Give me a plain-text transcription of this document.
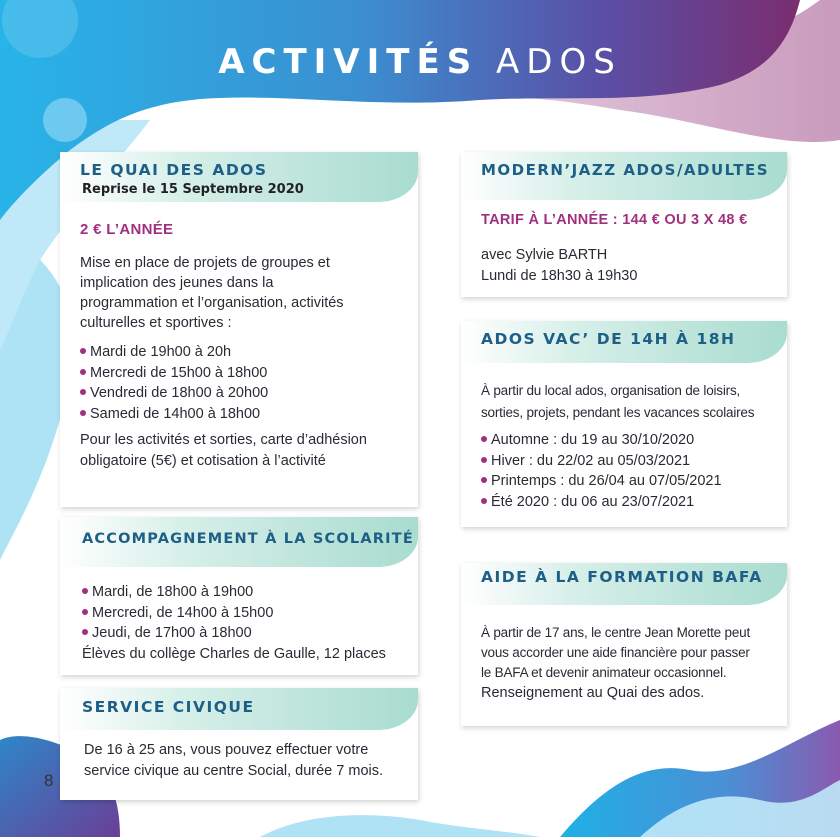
ACTIVITÉS ADOS
LE QUAI DES ADOS
Reprise le 15 Septembre 2020
2 € L’ANNÉE
Mise en place de projets de groupes et
implication des jeunes dans la
programmation et l’organisation, activités
culturelles et sportives :
Mardi de 19h00 à 20h
Mercredi de 15h00 à 18h00
Vendredi de 18h00 à 20h00
Samedi de 14h00 à 18h00
Pour les activités et sorties, carte d’adhésion
obligatoire (5€) et cotisation à l’activité
ACCOMPAGNEMENT À LA SCOLARITÉ
Mardi, de 18h00 à 19h00
Mercredi, de 14h00 à 15h00
Jeudi, de 17h00 à 18h00
Élèves du collège Charles de Gaulle, 12 places
SERVICE CIVIQUE
De 16 à 25 ans, vous pouvez effectuer votre
service civique au centre Social, durée 7 mois.
MODERN’JAZZ ADOS/ADULTES
TARIF À L’ANNÉE : 144 € OU 3 X 48 €
avec Sylvie BARTH
Lundi de 18h30 à 19h30
ADOS VAC’ DE 14H À 18H
À partir du local ados, organisation de loisirs,
sorties, projets, pendant les vacances scolaires
Automne : du 19 au 30/10/2020
Hiver : du 22/02 au 05/03/2021
Printemps : du 26/04 au 07/05/2021
Été 2020 : du 06 au 23/07/2021
AIDE À LA FORMATION BAFA
À partir de 17 ans, le centre Jean Morette peut
vous accorder une aide financière pour passer
le BAFA et devenir animateur occasionnel.
Renseignement au Quai des ados.
8
